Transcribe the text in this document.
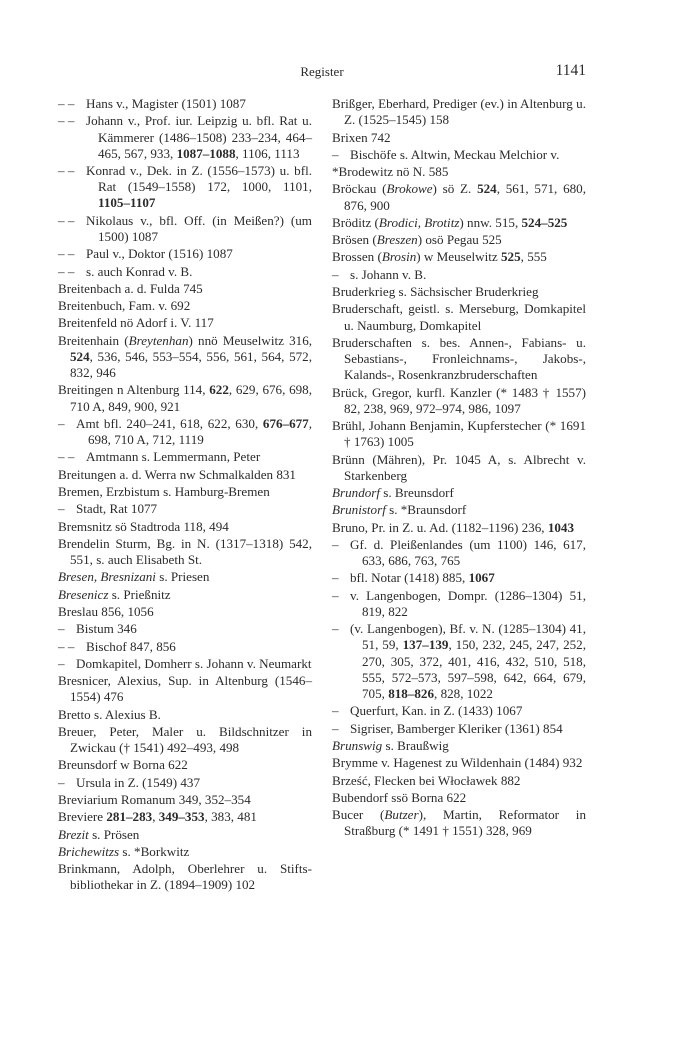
Register	1141
– – Hans v., Magister (1501) 1087
– – Johann v., Prof. iur. Leipzig u. bfl. Rat u. Kämmerer (1486–1508) 233–234, 464–465, 567, 933, 1087–1088, 1106, 1113
– – Konrad v., Dek. in Z. (1556–1573) u. bfl. Rat (1549–1558) 172, 1000, 1101, 1105–1107
– – Nikolaus v., bfl. Off. (in Meißen?) (um 1500) 1087
– – Paul v., Doktor (1516) 1087
– – s. auch Konrad v. B.
Breitenbach a. d. Fulda 745
Breitenbuch, Fam. v. 692
Breitenfeld nö Adorf i. V. 117
Breitenhain (Breytenhan) nnö Meuselwitz 316, 524, 536, 546, 553–554, 556, 561, 564, 572, 832, 946
Breitingen n Altenburg 114, 622, 629, 676, 698, 710 A, 849, 900, 921
– Amt bfl. 240–241, 618, 622, 630, 676–677, 698, 710 A, 712, 1119
– – Amtmann s. Lemmermann, Peter
Breitungen a. d. Werra nw Schmalkalden 831
Bremen, Erzbistum s. Hamburg-Bremen
– Stadt, Rat 1077
Bremsnitz sö Stadtroda 118, 494
Brendelin Sturm, Bg. in N. (1317–1318) 542, 551, s. auch Elisabeth St.
Bresen, Bresnizani s. Priesen
Bresenicz s. Prießnitz
Breslau 856, 1056
– Bistum 346
– – Bischof 847, 856
– Domkapitel, Domherr s. Johann v. Neumarkt
Bresnicer, Alexius, Sup. in Altenburg (1546–1554) 476
Bretto s. Alexius B.
Breuer, Peter, Maler u. Bildschnitzer in Zwickau († 1541) 492–493, 498
Breunsdorf w Borna 622
– Ursula in Z. (1549) 437
Breviarium Romanum 349, 352–354
Breviere 281–283, 349–353, 383, 481
Brezit s. Prösen
Brichewitzs s. *Borkwitz
Brinkmann, Adolph, Oberlehrer u. Stiftsbibliothekar in Z. (1894–1909) 102
Brißger, Eberhard, Prediger (ev.) in Altenburg u. Z. (1525–1545) 158
Brixen 742
– Bischöfe s. Altwin, Meckau Melchior v.
*Brodewitz nö N. 585
Bröckau (Brokowe) sö Z. 524, 561, 571, 680, 876, 900
Bröditz (Brodici, Brotitz) nnw. 515, 524–525
Brösen (Breszen) osö Pegau 525
Brossen (Brosin) w Meuselwitz 525, 555
– s. Johann v. B.
Bruderkrieg s. Sächsischer Bruderkrieg
Bruderschaft, geistl. s. Merseburg, Domkapitel u. Naumburg, Domkapitel
Bruderschaften s. bes. Annen-, Fabians- u. Sebastians-, Fronleichnams-, Jakobs-, Kalands-, Rosenkranzbruderschaften
Brück, Gregor, kurfl. Kanzler (* 1483 † 1557) 82, 238, 969, 972–974, 986, 1097
Brühl, Johann Benjamin, Kupferstecher (* 1691 † 1763) 1005
Brünn (Mähren), Pr. 1045 A, s. Albrecht v. Starkenberg
Brundorf s. Breunsdorf
Brunistorf s. *Braunsdorf
Bruno, Pr. in Z. u. Ad. (1182–1196) 236, 1043
– Gf. d. Pleißenlandes (um 1100) 146, 617, 633, 686, 763, 765
– bfl. Notar (1418) 885, 1067
– v. Langenbogen, Dompr. (1286–1304) 51, 819, 822
– (v. Langenbogen), Bf. v. N. (1285–1304) 41, 51, 59, 137–139, 150, 232, 245, 247, 252, 270, 305, 372, 401, 416, 432, 510, 518, 555, 572–573, 597–598, 642, 664, 679, 705, 818–826, 828, 1022
– Querfurt, Kan. in Z. (1433) 1067
– Sigriser, Bamberger Kleriker (1361) 854
Brunswig s. Braußwig
Brymme v. Hagenest zu Wildenhain (1484) 932
Brześć, Flecken bei Włocławek 882
Bubendorf ssö Borna 622
Bucer (Butzer), Martin, Reformator in Straßburg (* 1491 † 1551) 328, 969
